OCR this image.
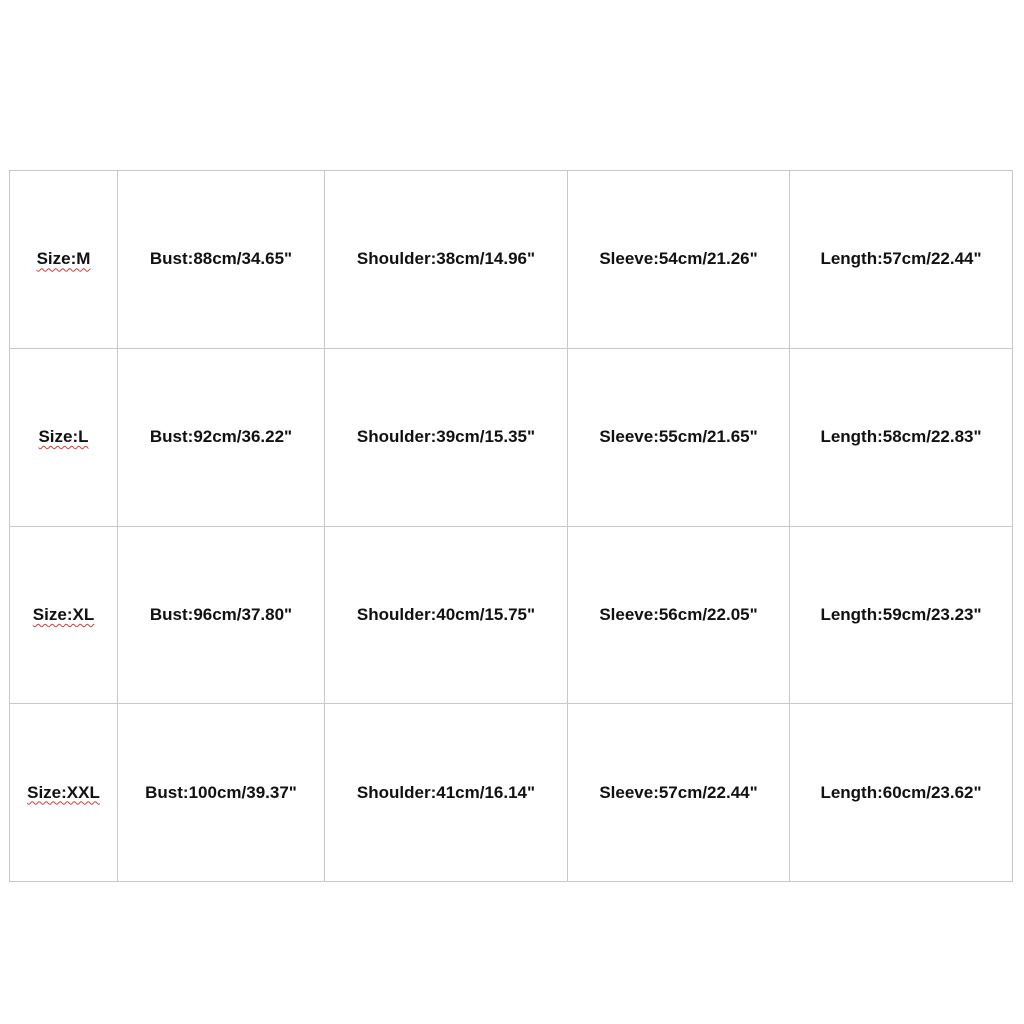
Size:M	Bust:88cm/34.65"	Shoulder:38cm/14.96"	Sleeve:54cm/21.26"	Length:57cm/22.44"
Size:L	Bust:92cm/36.22"	Shoulder:39cm/15.35"	Sleeve:55cm/21.65"	Length:58cm/22.83"
Size:XL	Bust:96cm/37.80"	Shoulder:40cm/15.75"	Sleeve:56cm/22.05"	Length:59cm/23.23"
Size:XXL	Bust:100cm/39.37"	Shoulder:41cm/16.14"	Sleeve:57cm/22.44"	Length:60cm/23.62"
